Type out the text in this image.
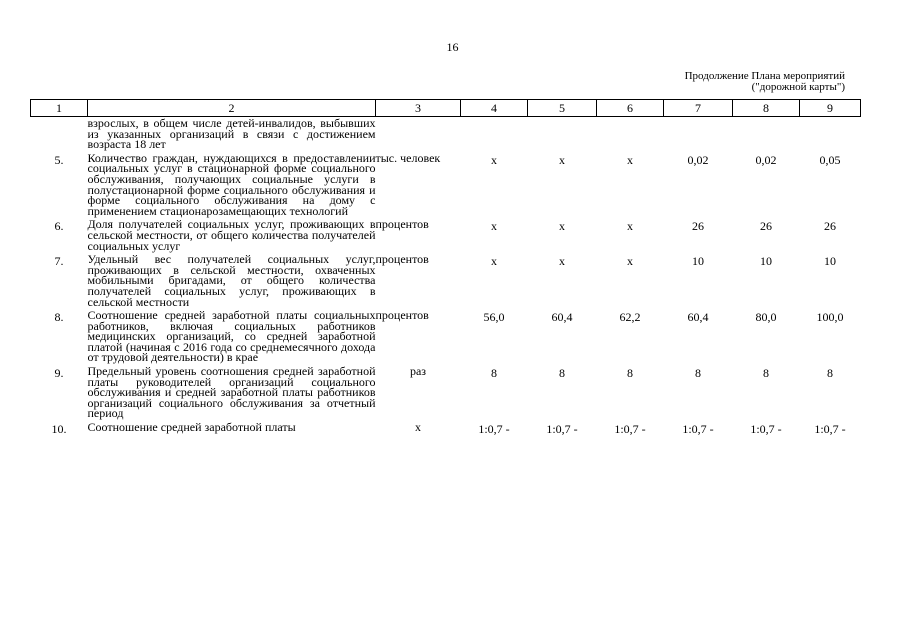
16
Продолжение Плана мероприятий
("дорожной карты")
1	2	3	4	5	6	7	8	9

	взрослых, в общем числе детей-инвалидов, выбывших из указанных организаций в связи с достижением возраста 18 лет							

5.	Количество граждан, нуждающихся в предоставлении социальных услуг в стационарной форме социального обслуживания, получающих социальные услуги в полустационарной форме социального обслуживания и форме социального обслуживания на дому с применением стационарозамещающих технологий	тыс. человек	х	х	х	0,02	0,02	0,05
6.	Доля получателей социальных услуг, проживающих в сельской местности, от общего количества получателей социальных услуг	процентов	х	х	х	26	26	26
7.	Удельный вес получателей социальных услуг, проживающих в сельской местности, охваченных мобильными бригадами, от общего количества получателей социальных услуг, проживающих в сельской местности	процентов	х	х	х	10	10	10
8.	Соотношение средней заработной платы социальных работников, включая социальных работников медицинских организаций, со средней заработной платой (начиная с 2016 года со среднемесячного дохода от трудовой деятельности) в крае	процентов	56,0	60,4	62,2	60,4	80,0	100,0
9.	Предельный уровень соотношения средней заработной платы руководителей организаций социального обслуживания и средней заработной платы работников организаций социального обслуживания за отчетный период	раз	8	8	8	8	8	8
10.	Соотношение средней заработной платы	х	1:0,7 -	1:0,7 -	1:0,7 -	1:0,7 -	1:0,7 -	1:0,7 -
